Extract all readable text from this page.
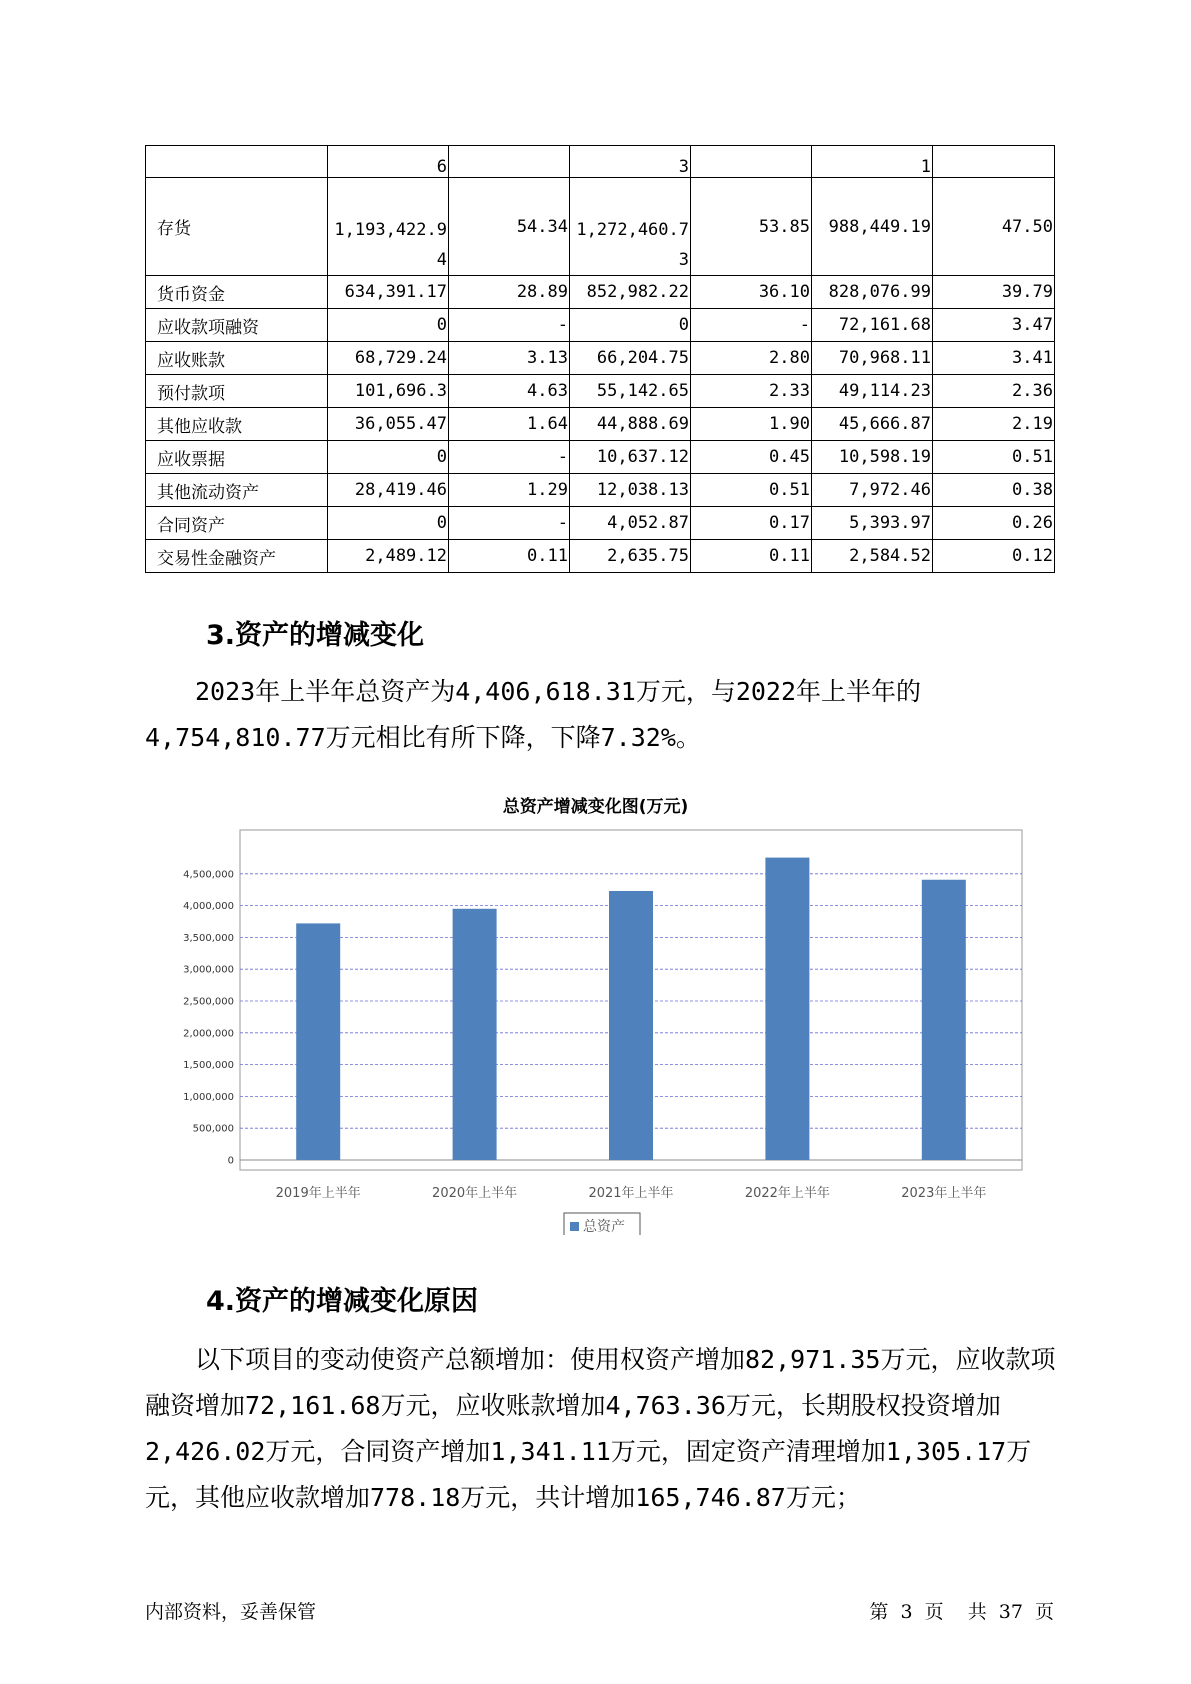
	6		3		1	
存货	1,193,422.94	54.34	1,272,460.73	53.85	988,449.19	47.50
货币资金	634,391.17	28.89	852,982.22	36.10	828,076.99	39.79
应收款项融资	0	-	0	-	72,161.68	3.47
应收账款	68,729.24	3.13	66,204.75	2.80	70,968.11	3.41
预付款项	101,696.3	4.63	55,142.65	2.33	49,114.23	2.36
其他应收款	36,055.47	1.64	44,888.69	1.90	45,666.87	2.19
应收票据	0	-	10,637.12	0.45	10,598.19	0.51
其他流动资产	28,419.46	1.29	12,038.13	0.51	7,972.46	0.38
合同资产	0	-	4,052.87	0.17	5,393.97	0.26
交易性金融资产	2,489.12	0.11	2,635.75	0.11	2,584.52	0.12
3.资产的增减变化

2023年上半年总资产为4,406,618.31万元，与2022年上半年的4,754,810.77万元相比有所下降，下降7.32%。

总资产增减变化图(万元)
0
500,000
1,000,000
1,500,000
2,000,000
2,500,000
3,000,000
3,500,000
4,000,000
4,500,000
2019年上半年	2020年上半年	2021年上半年	2022年上半年	2023年上半年
总资产
4.资产的增减变化原因

以下项目的变动使资产总额增加：使用权资产增加82,971.35万元，应收款项融资增加72,161.68万元，应收账款增加4,763.36万元，长期股权投资增加2,426.02万元，合同资产增加1,341.11万元，固定资产清理增加1,305.17万元，其他应收款增加778.18万元，共计增加165,746.87万元；

内部资料，妥善保管	第 3 页 共 37 页
